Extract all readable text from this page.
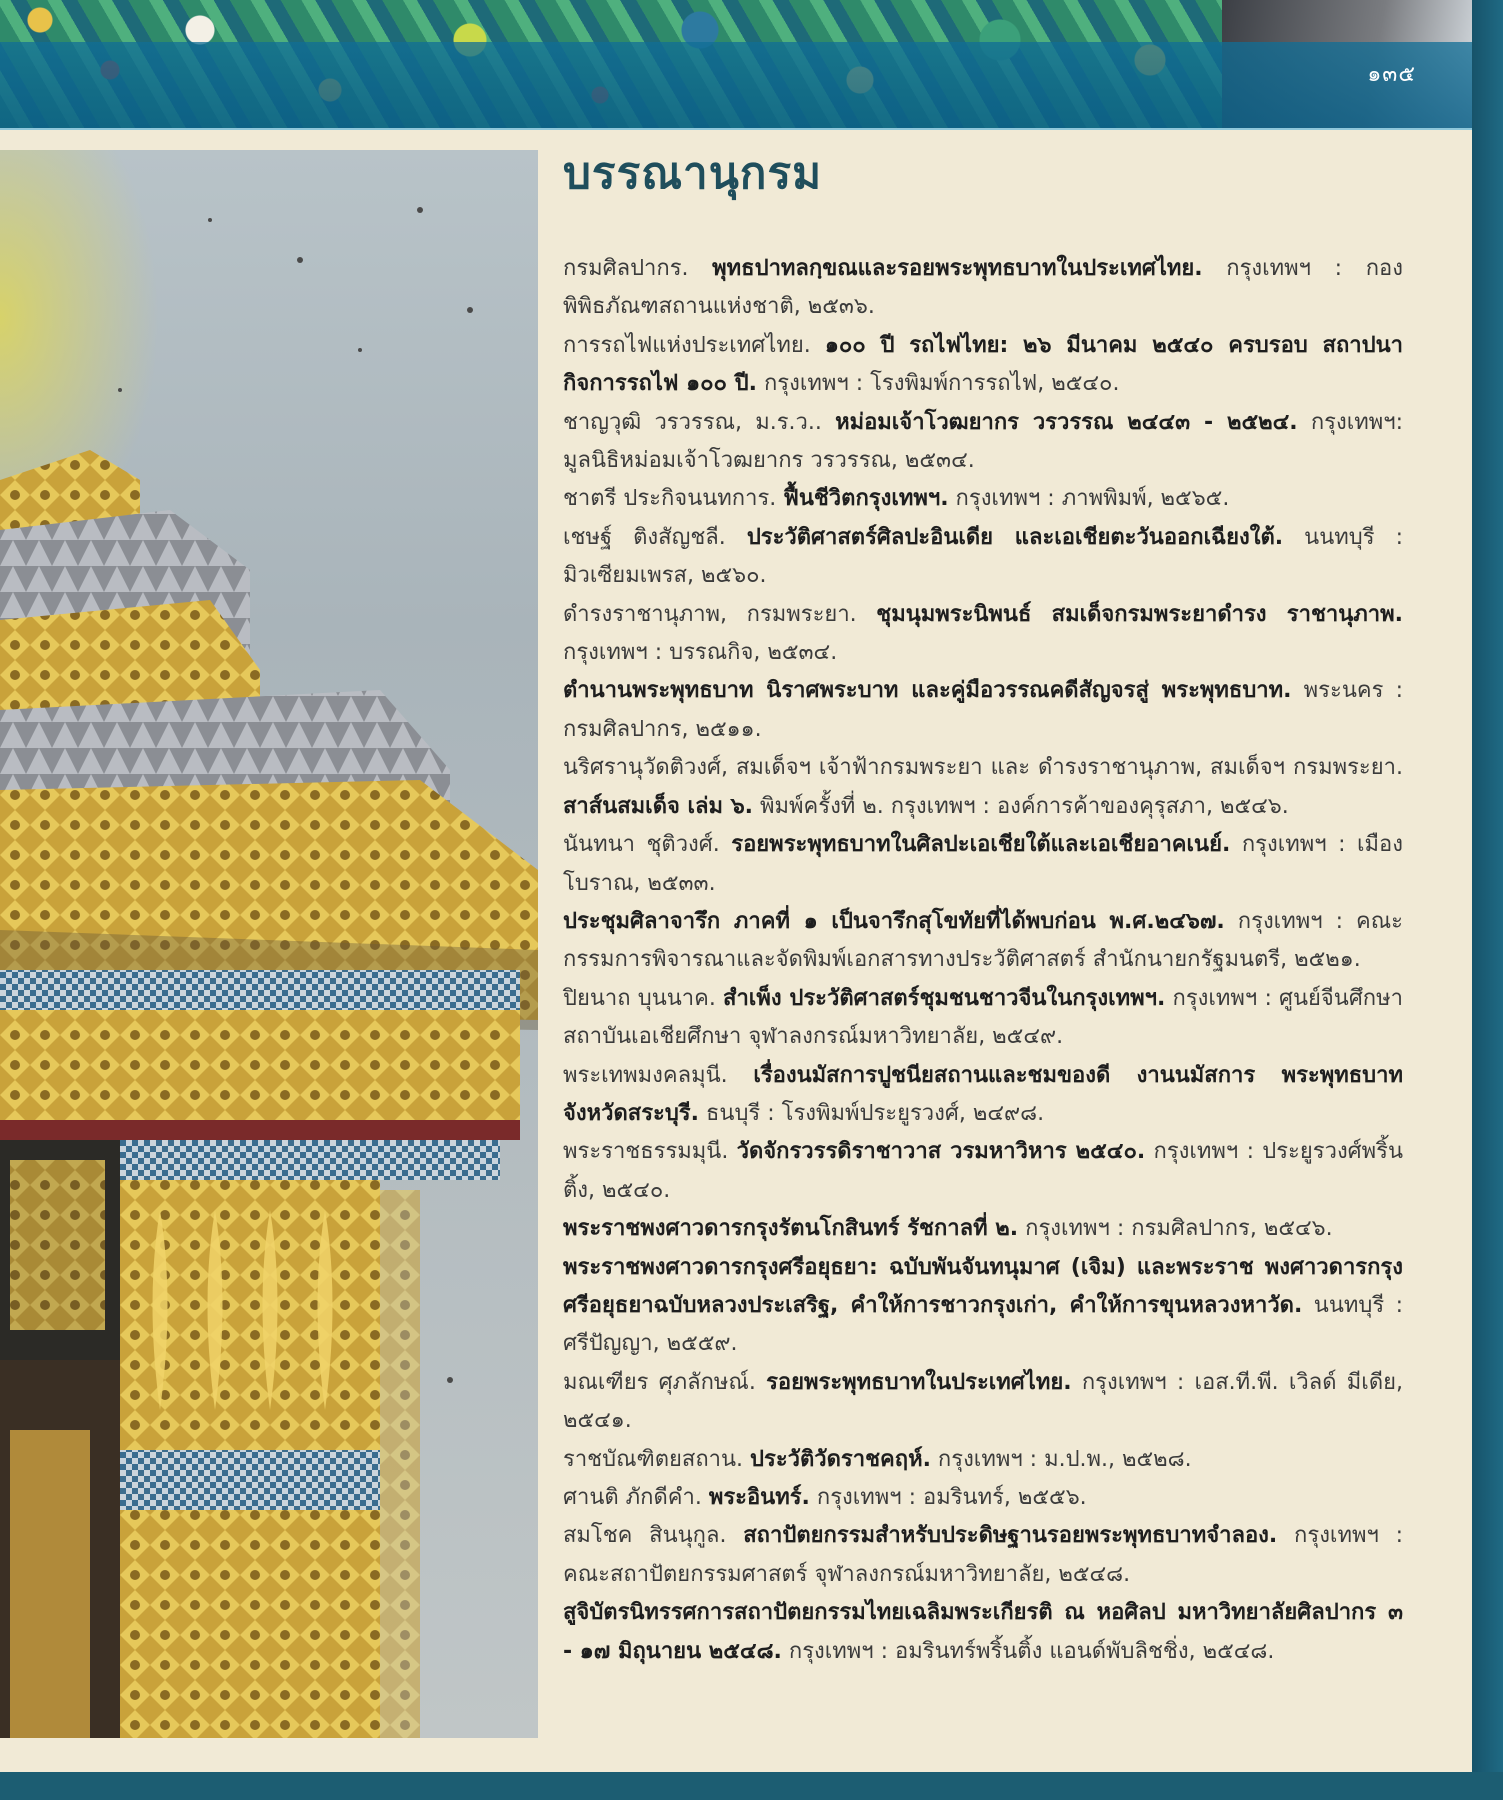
๑๓๕
บรรณานุกรม
กรมศิลปากร. พุทธปาทลกฺขณและรอยพระพุทธบาทในประเทศไทย. กรุงเทพฯ : กองพิพิธภัณฑสถานแห่งชาติ, ๒๕๓๖.
การรถไฟแห่งประเทศไทย. ๑๐๐ ปี รถไฟไทย: ๒๖ มีนาคม ๒๕๔๐ ครบรอบ สถาปนากิจการรถไฟ ๑๐๐ ปี. กรุงเทพฯ : โรงพิมพ์การรถไฟ, ๒๕๔๐.
ชาญวุฒิ วรวรรณ, ม.ร.ว.. หม่อมเจ้าโวฒยากร วรวรรณ ๒๔๔๓ - ๒๕๒๔. กรุงเทพฯ: มูลนิธิหม่อมเจ้าโวฒยากร วรวรรณ, ๒๕๓๔.
ชาตรี ประกิจนนทการ. ฟื้นชีวิตกรุงเทพฯ. กรุงเทพฯ : ภาพพิมพ์, ๒๕๖๕.
เชษฐ์ ติงสัญชลี. ประวัติศาสตร์ศิลปะอินเดีย และเอเชียตะวันออกเฉียงใต้. นนทบุรี : มิวเซียมเพรส, ๒๕๖๐.
ดำรงราชานุภาพ, กรมพระยา. ชุมนุมพระนิพนธ์ สมเด็จกรมพระยาดำรง ราชานุภาพ. กรุงเทพฯ : บรรณกิจ, ๒๕๓๔.
ตำนานพระพุทธบาท นิราศพระบาท และคู่มือวรรณคดีสัญจรสู่ พระพุทธบาท. พระนคร : กรมศิลปากร, ๒๕๑๑.
นริศรานุวัดติวงศ์, สมเด็จฯ เจ้าฟ้ากรมพระยา และ ดำรงราชานุภาพ, สมเด็จฯ กรมพระยา. สาส์นสมเด็จ เล่ม ๖. พิมพ์ครั้งที่ ๒. กรุงเทพฯ : องค์การค้าของคุรุสภา, ๒๕๔๖.
นันทนา ชุติวงศ์. รอยพระพุทธบาทในศิลปะเอเชียใต้และเอเชียอาคเนย์. กรุงเทพฯ : เมืองโบราณ, ๒๕๓๓.
ประชุมศิลาจารึก ภาคที่ ๑ เป็นจารึกสุโขทัยที่ได้พบก่อน พ.ศ.๒๔๖๗. กรุงเทพฯ : คณะกรรมการพิจารณาและจัดพิมพ์เอกสารทางประวัติศาสตร์ สำนักนายกรัฐมนตรี, ๒๕๒๑.
ปิยนาถ บุนนาค. สำเพ็ง ประวัติศาสตร์ชุมชนชาวจีนในกรุงเทพฯ. กรุงเทพฯ : ศูนย์จีนศึกษา สถาบันเอเชียศึกษา จุฬาลงกรณ์มหาวิทยาลัย, ๒๕๔๙.
พระเทพมงคลมุนี. เรื่องนมัสการปูชนียสถานและชมของดี งานนมัสการ พระพุทธบาท จังหวัดสระบุรี. ธนบุรี : โรงพิมพ์ประยูรวงศ์, ๒๔๙๘.
พระราชธรรมมุนี. วัดจักรวรรดิราชาวาส วรมหาวิหาร ๒๕๔๐. กรุงเทพฯ : ประยูรวงศ์พริ้นติ้ง, ๒๕๔๐.
พระราชพงศาวดารกรุงรัตนโกสินทร์ รัชกาลที่ ๒. กรุงเทพฯ : กรมศิลปากร, ๒๕๔๖.
พระราชพงศาวดารกรุงศรีอยุธยา: ฉบับพันจันทนุมาศ (เจิม) และพระราช พงศาวดารกรุงศรีอยุธยาฉบับหลวงประเสริฐ, คำให้การชาวกรุงเก่า, คำให้การขุนหลวงหาวัด. นนทบุรี : ศรีปัญญา, ๒๕๕๙.
มณเฑียร ศุภลักษณ์. รอยพระพุทธบาทในประเทศไทย. กรุงเทพฯ : เอส.ที.พี. เวิลด์ มีเดีย, ๒๕๔๑.
ราชบัณฑิตยสถาน. ประวัติวัดราชคฤห์. กรุงเทพฯ : ม.ป.พ., ๒๕๒๘.
ศานติ ภักดีคำ. พระอินทร์. กรุงเทพฯ : อมรินทร์, ๒๕๕๖.
สมโชค สินนุกูล. สถาปัตยกรรมสำหรับประดิษฐานรอยพระพุทธบาทจำลอง. กรุงเทพฯ : คณะสถาปัตยกรรมศาสตร์ จุฬาลงกรณ์มหาวิทยาลัย, ๒๕๔๘.
สูจิบัตรนิทรรศการสถาปัตยกรรมไทยเฉลิมพระเกียรติ ณ หอศิลป มหาวิทยาลัยศิลปากร ๓ - ๑๗ มิถุนายน ๒๕๔๘. กรุงเทพฯ : อมรินทร์พริ้นติ้ง แอนด์พับลิชชิ่ง, ๒๕๔๘.
